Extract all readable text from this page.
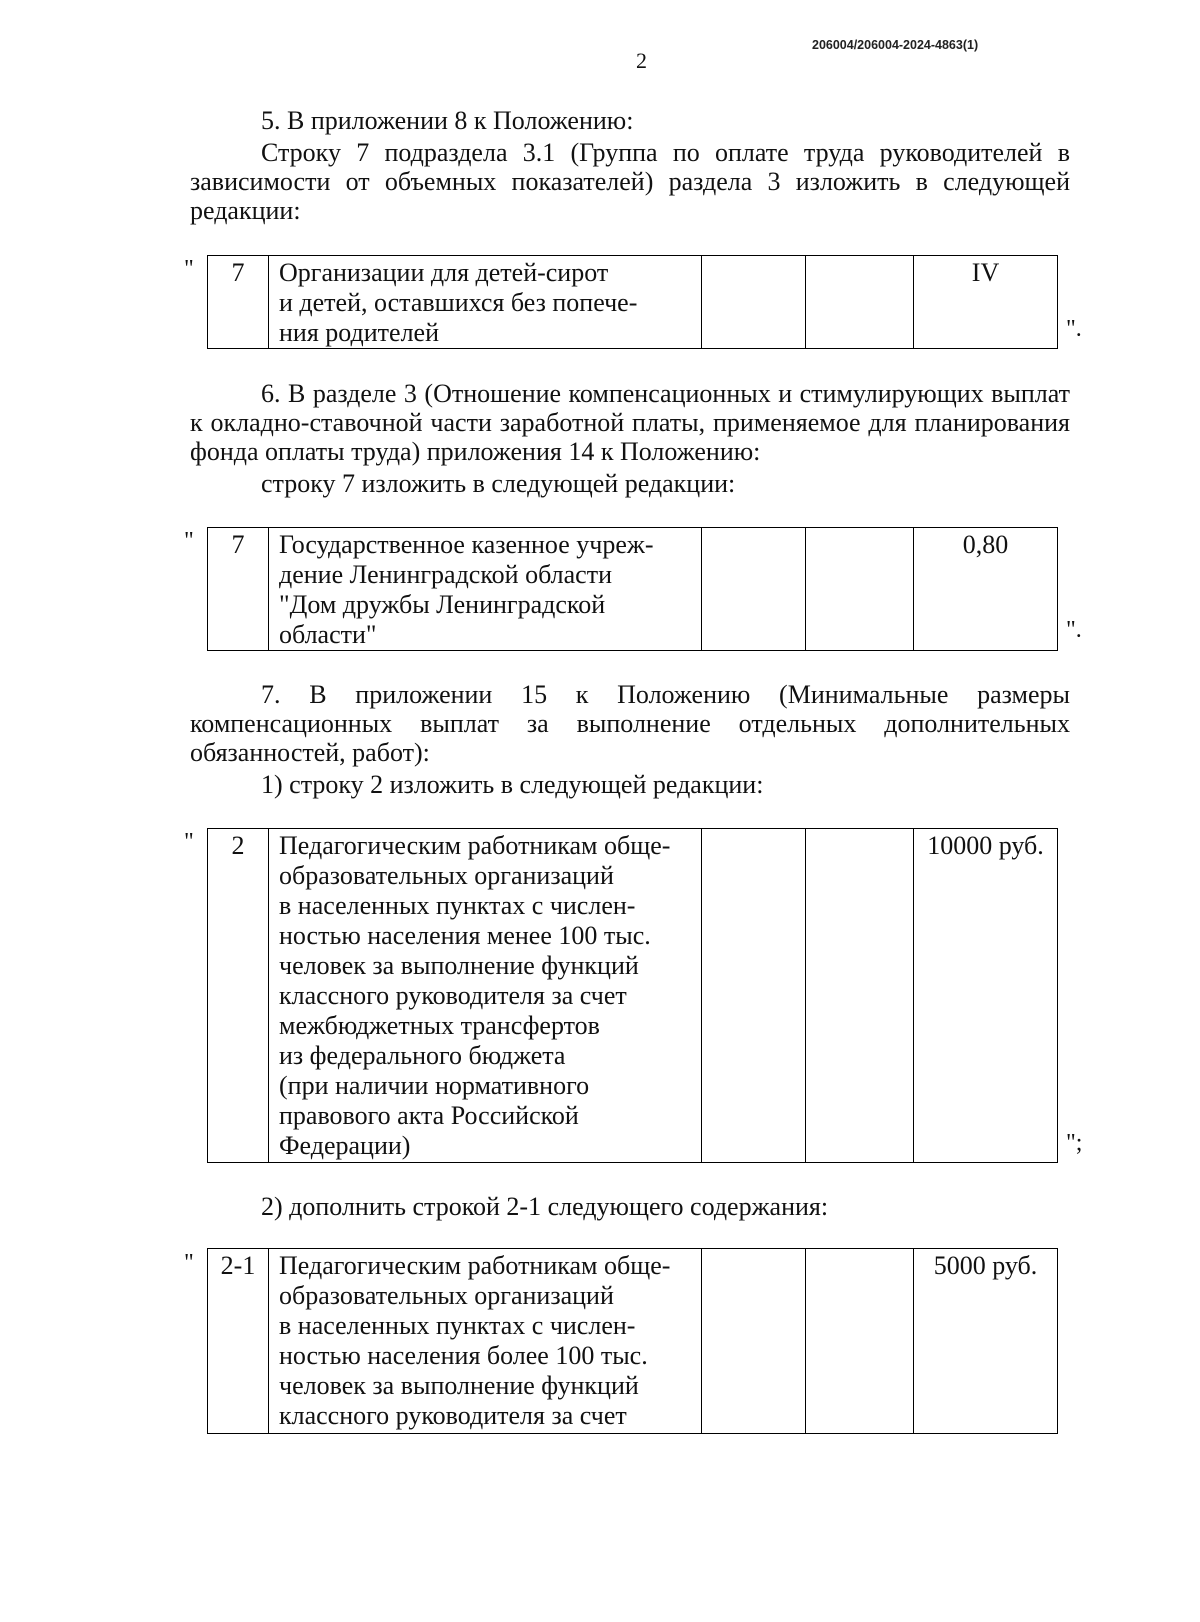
206004/206004-2024-4863(1)
2
5. В приложении 8 к Положению:
Строку 7 подраздела 3.1 (Группа по оплате труда руководителей в зависимости от объемных показателей) раздела 3 изложить в следующей редакции:
" 7	Организации для детей-сирот
и детей, оставшихся без попече-
ния родителей
			IV
".
6. В разделе 3 (Отношение компенсационных и стимулирующих выплат к окладно-ставочной части заработной платы, применяемое для планирования фонда оплаты труда) приложения 14 к Положению:
строку 7 изложить в следующей редакции:
" 7	Государственное казенное учреж-
дение Ленинградской области
"Дом дружбы Ленинградской
области"
			0,80
".
7. В приложении 15 к Положению (Минимальные размеры компенсационных выплат за выполнение отдельных дополнительных обязанностей, работ):
1) строку 2 изложить в следующей редакции:
" 2	Педагогическим работникам обще-
образовательных организаций
в населенных пунктах с числен-
ностью населения менее 100 тыс.
человек за выполнение функций
классного руководителя за счет
межбюджетных трансфертов
из федерального бюджета
(при наличии нормативного
правового акта Российской
Федерации)
			10000 руб.
";
2) дополнить строкой 2-1 следующего содержания:
" 2-1	Педагогическим работникам обще-
образовательных организаций
в населенных пунктах с числен-
ностью населения более 100 тыс.
человек за выполнение функций
классного руководителя за счет
			5000 руб.
